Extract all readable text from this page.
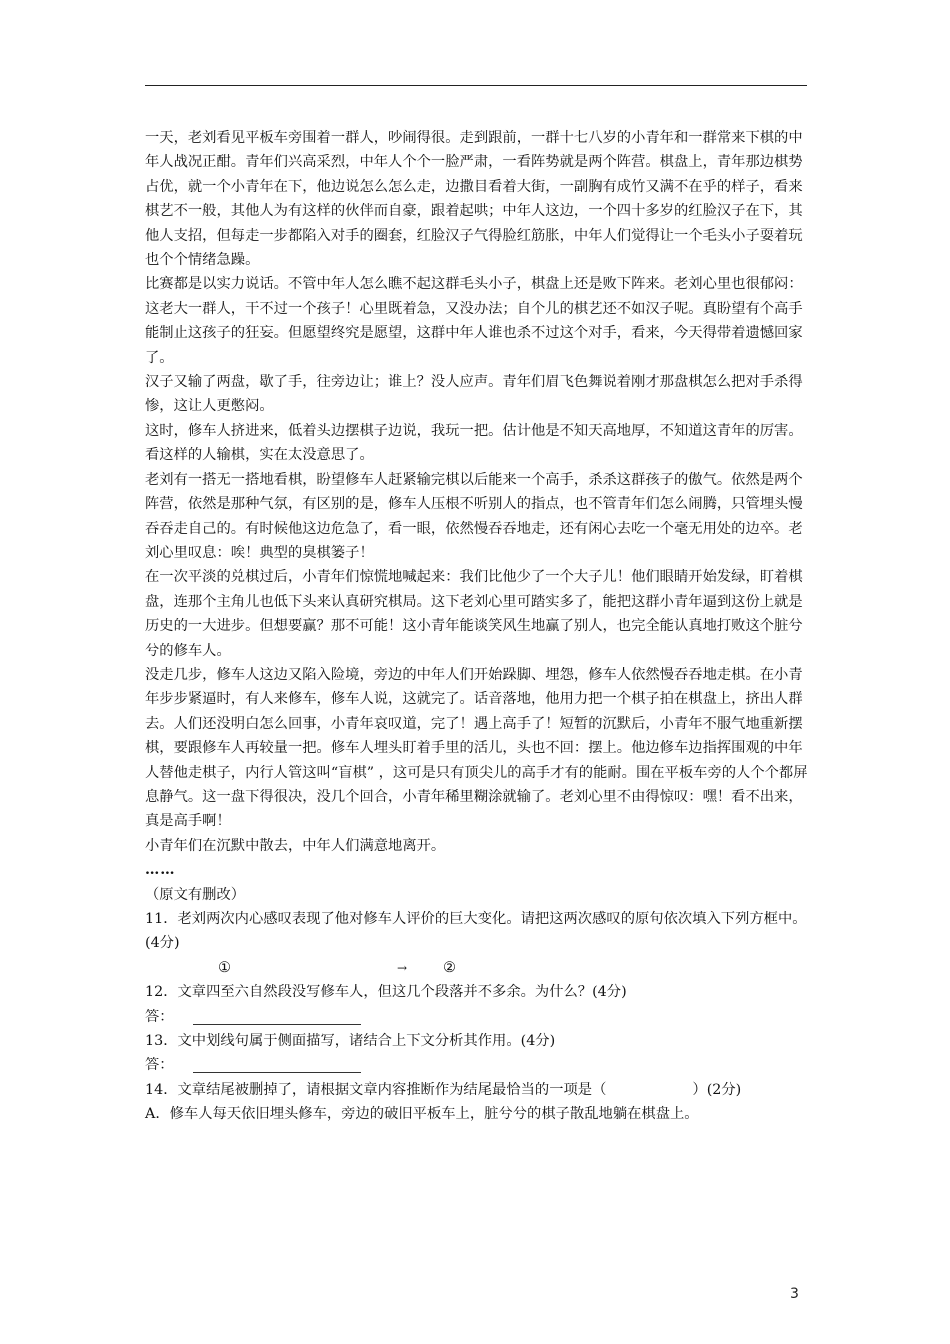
一天，老刘看见平板车旁围着一群人，吵闹得很。走到跟前，一群十七八岁的小青年和一群常来下棋的中年人战况正酣。青年们兴高采烈，中年人个个一脸严肃，一看阵势就是两个阵营。棋盘上，青年那边棋势占优，就一个小青年在下，他边说怎么怎么走，边撒目看着大街，一副胸有成竹又满不在乎的样子，看来棋艺不一般，其他人为有这样的伙伴而自豪，跟着起哄；中年人这边，一个四十多岁的红脸汉子在下，其他人支招，但每走一步都陷入对手的圈套，红脸汉子气得脸红筋胀，中年人们觉得让一个毛头小子耍着玩也个个情绪急躁。

比赛都是以实力说话。不管中年人怎么瞧不起这群毛头小子，棋盘上还是败下阵来。老刘心里也很郁闷：这老大一群人，干不过一个孩子！心里既着急，又没办法；自个儿的棋艺还不如汉子呢。真盼望有个高手能制止这孩子的狂妄。但愿望终究是愿望，这群中年人谁也杀不过这个对手，看来，今天得带着遗憾回家了。

汉子又输了两盘，歇了手，往旁边让；谁上？没人应声。青年们眉飞色舞说着刚才那盘棋怎么把对手杀得惨，这让人更憋闷。

这时，修车人挤进来，低着头边摆棋子边说，我玩一把。估计他是不知天高地厚，不知道这青年的厉害。看这样的人输棋，实在太没意思了。

老刘有一搭无一搭地看棋，盼望修车人赶紧输完棋以后能来一个高手，杀杀这群孩子的傲气。依然是两个阵营，依然是那种气氛，有区别的是，修车人压根不听别人的指点，也不管青年们怎么闹腾，只管埋头慢吞吞走自己的。有时候他这边危急了，看一眼，依然慢吞吞地走，还有闲心去吃一个毫无用处的边卒。老刘心里叹息：唉！典型的臭棋篓子！

在一次平淡的兑棋过后，小青年们惊慌地喊起来：我们比他少了一个大子儿！他们眼睛开始发绿，盯着棋盘，连那个主角儿也低下头来认真研究棋局。这下老刘心里可踏实多了，能把这群小青年逼到这份上就是历史的一大进步。但想要赢？那不可能！这小青年能谈笑风生地赢了别人，也完全能认真地打败这个脏兮兮的修车人。

没走几步，修车人这边又陷入险境，旁边的中年人们开始跺脚、埋怨，修车人依然慢吞吞地走棋。在小青年步步紧逼时，有人来修车，修车人说，这就完了。话音落地，他用力把一个棋子拍在棋盘上，挤出人群去。人们还没明白怎么回事，小青年哀叹道，完了！遇上高手了！短暂的沉默后，小青年不服气地重新摆棋，要跟修车人再较量一把。修车人埋头盯着手里的活儿，头也不回：摆上。他边修车边指挥围观的中年人替他走棋子，内行人管这叫“盲棋” ，这可是只有顶尖儿的高手才有的能耐。围在平板车旁的人个个都屏息静气。这一盘下得很决，没几个回合，小青年稀里糊涂就输了。老刘心里不由得惊叹：嘿！看不出来，真是高手啊！

小青年们在沉默中散去，中年人们满意地离开。

……

（原文有删改）

11．老刘两次内心感叹表现了他对修车人评价的巨大变化。请把这两次感叹的原句依次填入下列方框中。(4分)

①	→	②

12．文章四至六自然段没写修车人，但这几个段落并不多余。为什么？(4分)

答：

13．文中划线句属于侧面描写，诸结合上下文分析其作用。(4分)

答：

14．文章结尾被删掉了，请根据文章内容推断作为结尾最恰当的一项是（	）(2分)

A．修车人每天依旧埋头修车，旁边的破旧平板车上，脏兮兮的棋子散乱地躺在棋盘上。

3
